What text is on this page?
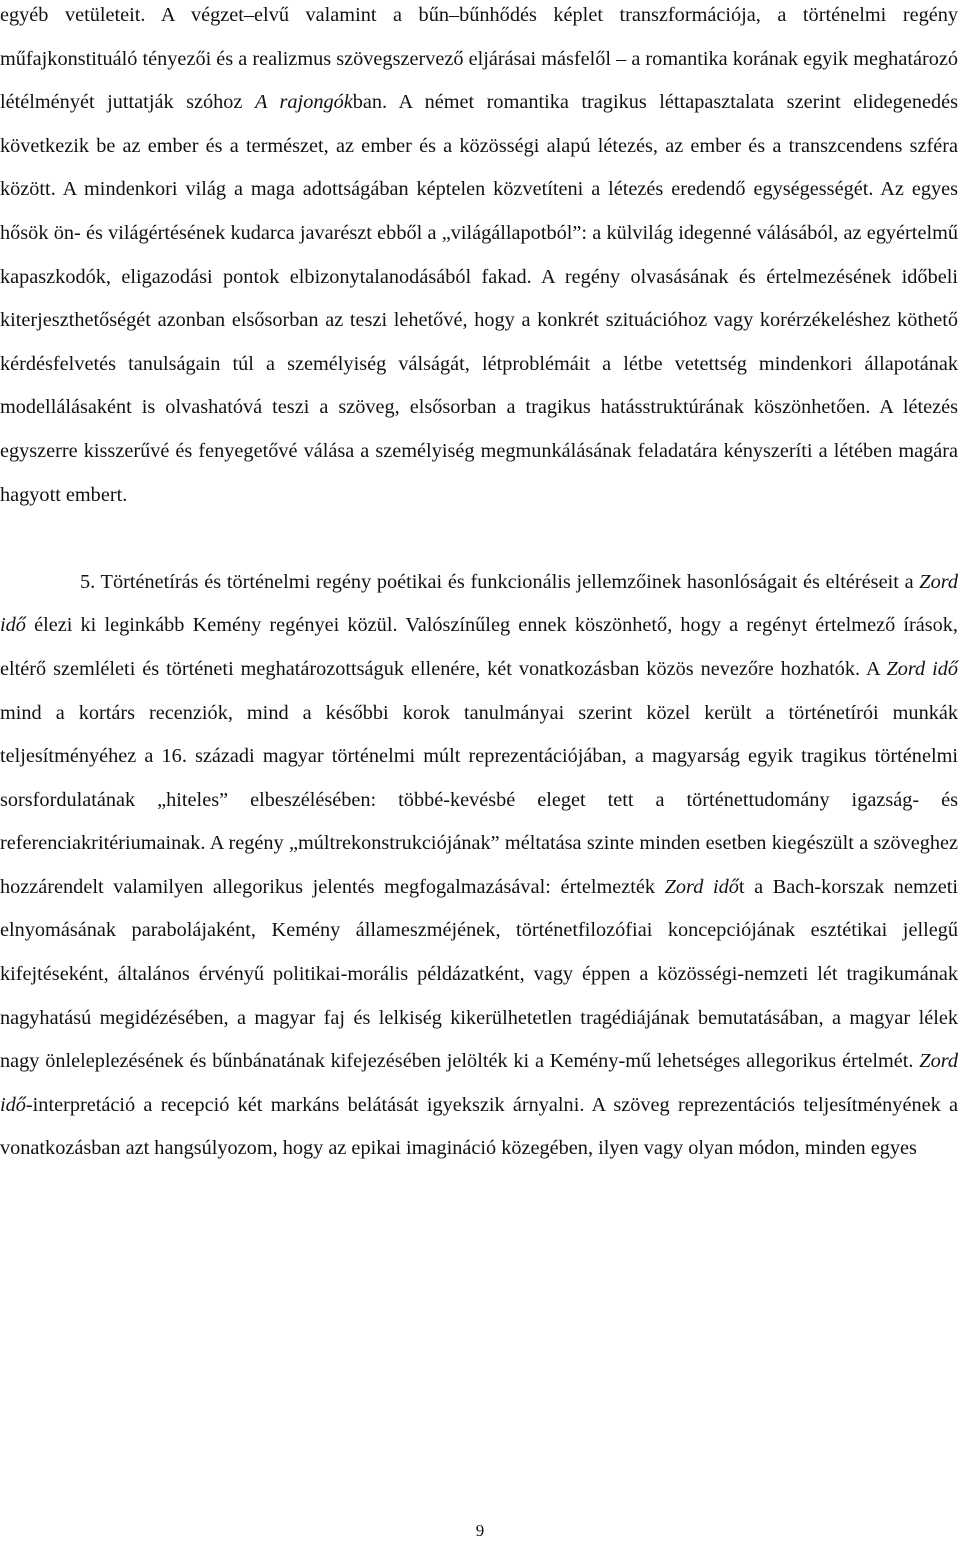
egyéb vetületeit. A végzet–elvű valamint a bűn–bűnhődés képlet transzformációja, a történelmi regény műfajkonstituáló tényezői és a realizmus szövegszervező eljárásai másfelől – a romantika korának egyik meghatározó létélményét juttatják szóhoz A rajongókban. A német romantika tragikus léttapasztalata szerint elidegenedés következik be az ember és a természet, az ember és a közösségi alapú létezés, az ember és a transzcendens szféra között. A mindenkori világ a maga adottságában képtelen közvetíteni a létezés eredendő egységességét. Az egyes hősök ön- és világértésének kudarca javarészt ebből a „világállapotból”: a külvilág idegenné válásából, az egyértelmű kapaszkodók, eligazodási pontok elbizonytalanodásából fakad. A regény olvasásának és értelmezésének időbeli kiterjeszthetőségét azonban elsősorban az teszi lehetővé, hogy a konkrét szituációhoz vagy korérzékeléshez köthető kérdésfelvetés tanulságain túl a személyiség válságát, létproblémáit a létbe vetettség mindenkori állapotának modellálásaként is olvashatóvá teszi a szöveg, elsősorban a tragikus hatásstruktúrának köszönhetően. A létezés egyszerre kisszerűvé és fenyegetővé válása a személyiség megmunkálásának feladatára kényszeríti a létében magára hagyott embert.

5. Történetírás és történelmi regény poétikai és funkcionális jellemzőinek hasonlóságait és eltéréseit a Zord idő élezi ki leginkább Kemény regényei közül. Valószínűleg ennek köszönhető, hogy a regényt értelmező írások, eltérő szemléleti és történeti meghatározottságuk ellenére, két vonatkozásban közös nevezőre hozhatók. A Zord idő mind a kortárs recenziók, mind a későbbi korok tanulmányai szerint közel került a történetírói munkák teljesítményéhez a 16. századi magyar történelmi múlt reprezentációjában, a magyarság egyik tragikus történelmi sorsfordulatának „hiteles” elbeszélésében: többé-kevésbé eleget tett a történettudomány igazság- és referenciakritériumainak. A regény „múltrekonstrukciójának” méltatása szinte minden esetben kiegészült a szöveghez hozzárendelt valamilyen allegorikus jelentés megfogalmazásával: értelmezték Zord időt a Bach-korszak nemzeti elnyomásának parabolájaként, Kemény állameszméjének, történetfilozófiai koncepciójának esztétikai jellegű kifejtéseként, általános érvényű politikai-morális példázatként, vagy éppen a közösségi-nemzeti lét tragikumának nagyhatású megidézésében, a magyar faj és lelkiség kikerülhetetlen tragédiájának bemutatásában, a magyar lélek nagy önleleplezésének és bűnbánatának kifejezésében jelölték ki a Kemény-mű lehetséges allegorikus értelmét. Zord idő-interpretáció a recepció két markáns belátását igyekszik árnyalni. A szöveg reprezentációs teljesítményének a vonatkozásban azt hangsúlyozom, hogy az epikai imagináció közegében, ilyen vagy olyan módon, minden egyes

9
